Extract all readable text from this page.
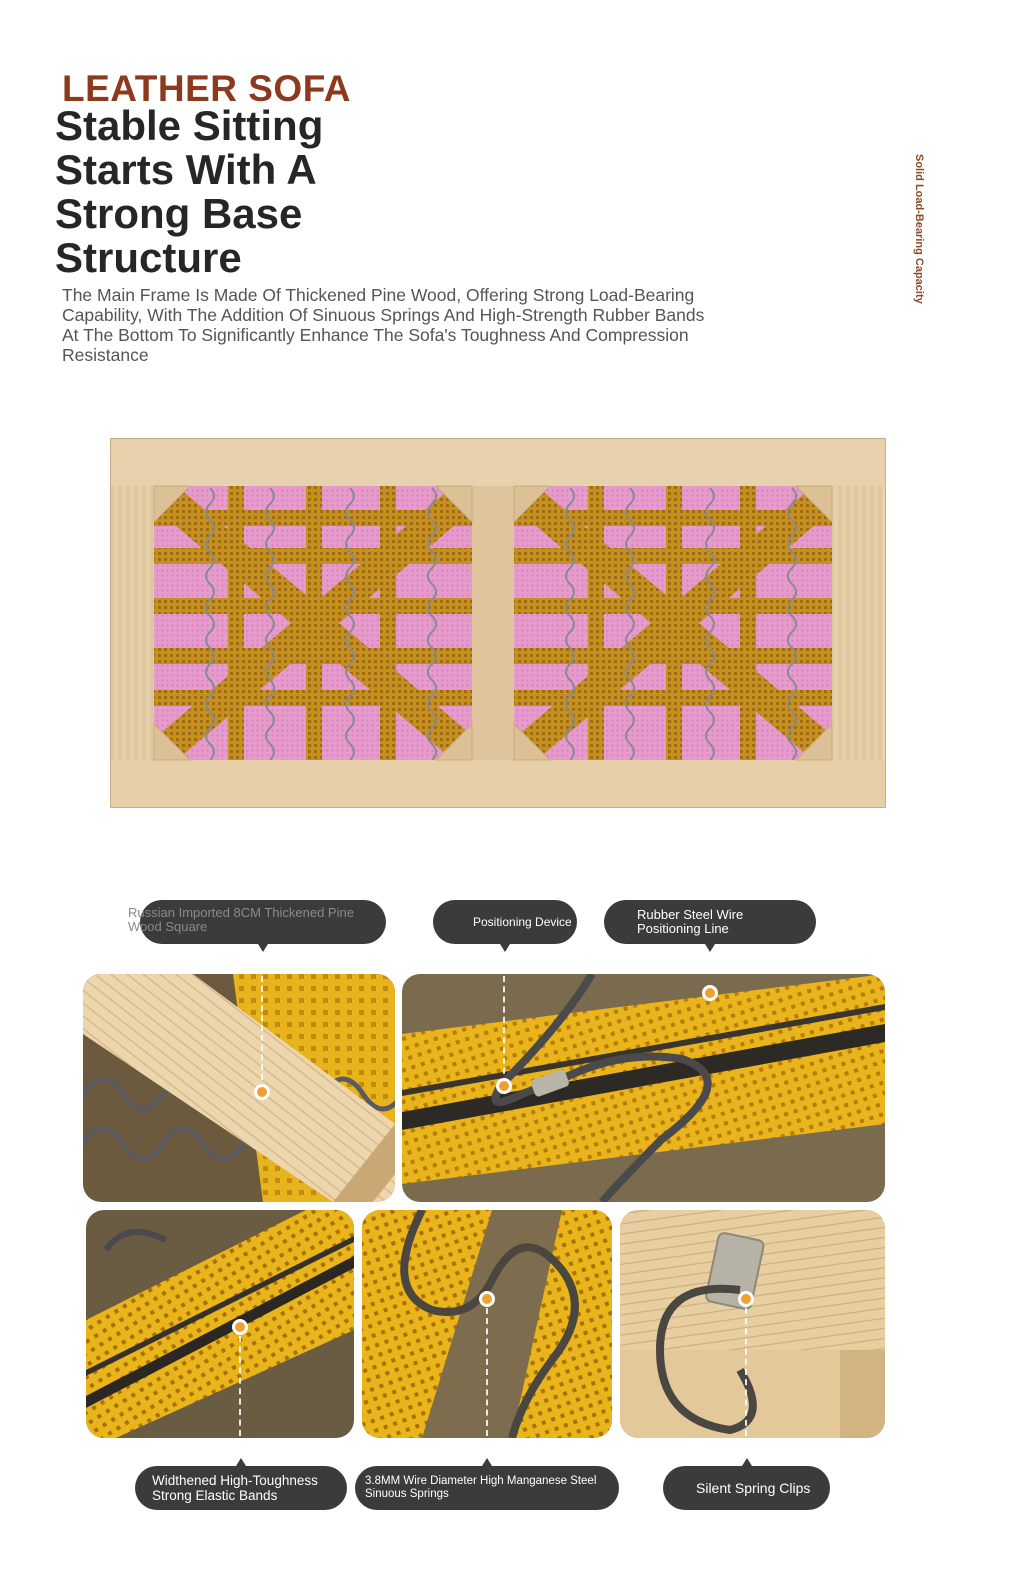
LEATHER SOFA
Stable Sitting
Starts With A
Strong Base
Structure
The Main Frame Is Made Of Thickened Pine Wood, Offering Strong Load-Bearing Capability, With The Addition Of Sinuous Springs And High-Strength Rubber Bands At The Bottom To Significantly Enhance The Sofa's Toughness And Compression Resistance
Solid Load-Bearing Capacity
Russian Imported 8CM Thickened Pine Wood Square	Positioning Device	Rubber Steel Wire Positioning Line
Widthened High-Toughness Strong Elastic Bands
3.8MM Wire Diameter High Manganese Steel Sinuous Springs	Silent Spring Clips
